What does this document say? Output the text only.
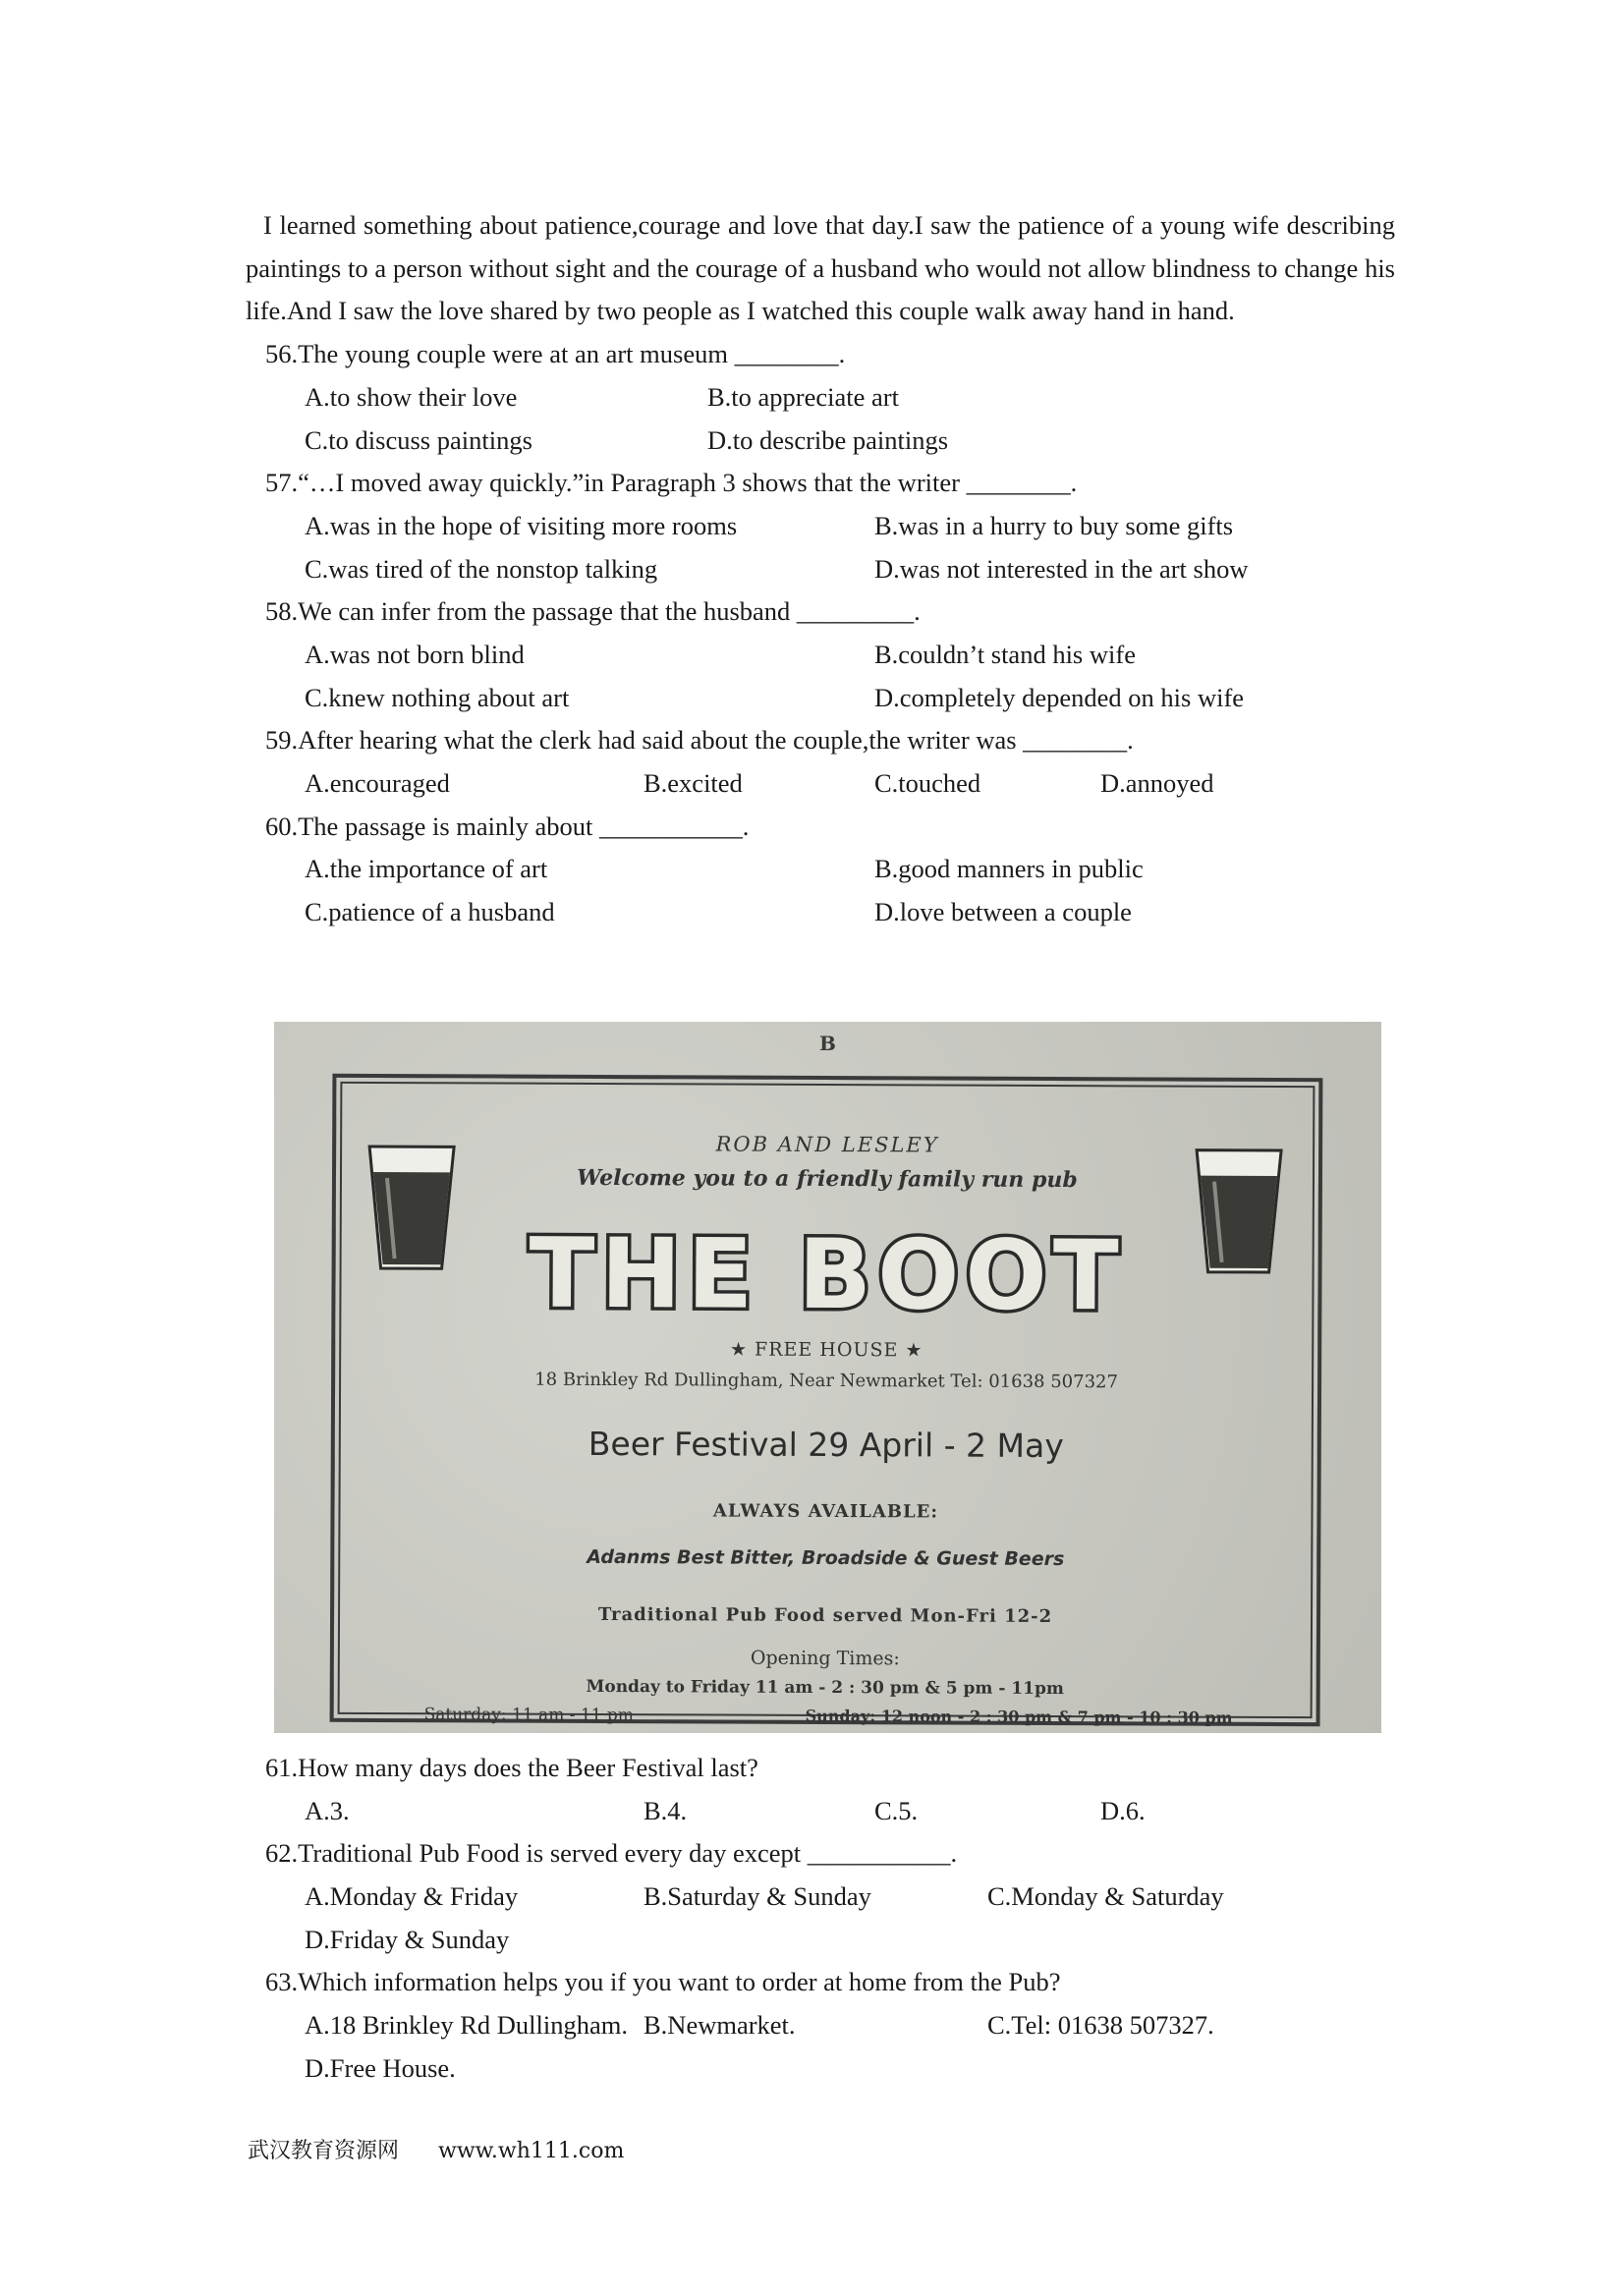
I learned something about patience,courage and love that day.I saw the patience of a young wife describing paintings to a person without sight and the courage of a husband who would not allow blindness to change his life.And I saw the love shared by two people as I watched this couple walk away hand in hand.
56.The young couple were at an art museum ________.
A.to show their love	B.to appreciate art
C.to discuss paintings	D.to describe paintings
57.“…I moved away quickly.”in Paragraph 3 shows that the writer ________.
A.was in the hope of visiting more rooms	B.was in a hurry to buy some gifts
C.was tired of the nonstop talking	D.was not interested in the art show
58.We can infer from the passage that the husband _________.
A.was not born blind	B.couldn’t stand his wife
C.knew nothing about art	D.completely depended on his wife
59.After hearing what the clerk had said about the couple,the writer was ________.
A.encouraged	B.excited	C.touched	D.annoyed
60.The passage is mainly about ___________.
A.the importance of art	B.good manners in public
C.patience of a husband	D.love between a couple
B
ROB AND LESLEY
Welcome you to a friendly family run pub
THE BOOT
★ FREE HOUSE ★
18 Brinkley Rd Dullingham, Near Newmarket Tel: 01638 507327
Beer Festival 29 April - 2 May
ALWAYS AVAILABLE:
Adanms Best Bitter, Broadside & Guest Beers
Traditional Pub Food served Mon-Fri 12-2
Opening Times:
Monday to Friday 11 am - 2 : 30 pm & 5 pm - 11pm
Saturday: 11 am - 11 pm	Sunday: 12 noon - 2 : 30 pm & 7 pm - 10 : 30 pm
61.How many days does the Beer Festival last?
A.3.	B.4.	C.5.	D.6.
62.Traditional Pub Food is served every day except ___________.
A.Monday & Friday	B.Saturday & Sunday	C.Monday & Saturday
D.Friday & Sunday
63.Which information helps you if you want to order at home from the Pub?
A.18 Brinkley Rd Dullingham. B.Newmarket.	C.Tel: 01638 507327.
D.Free House.
武汉教育资源网 www.wh111.com
